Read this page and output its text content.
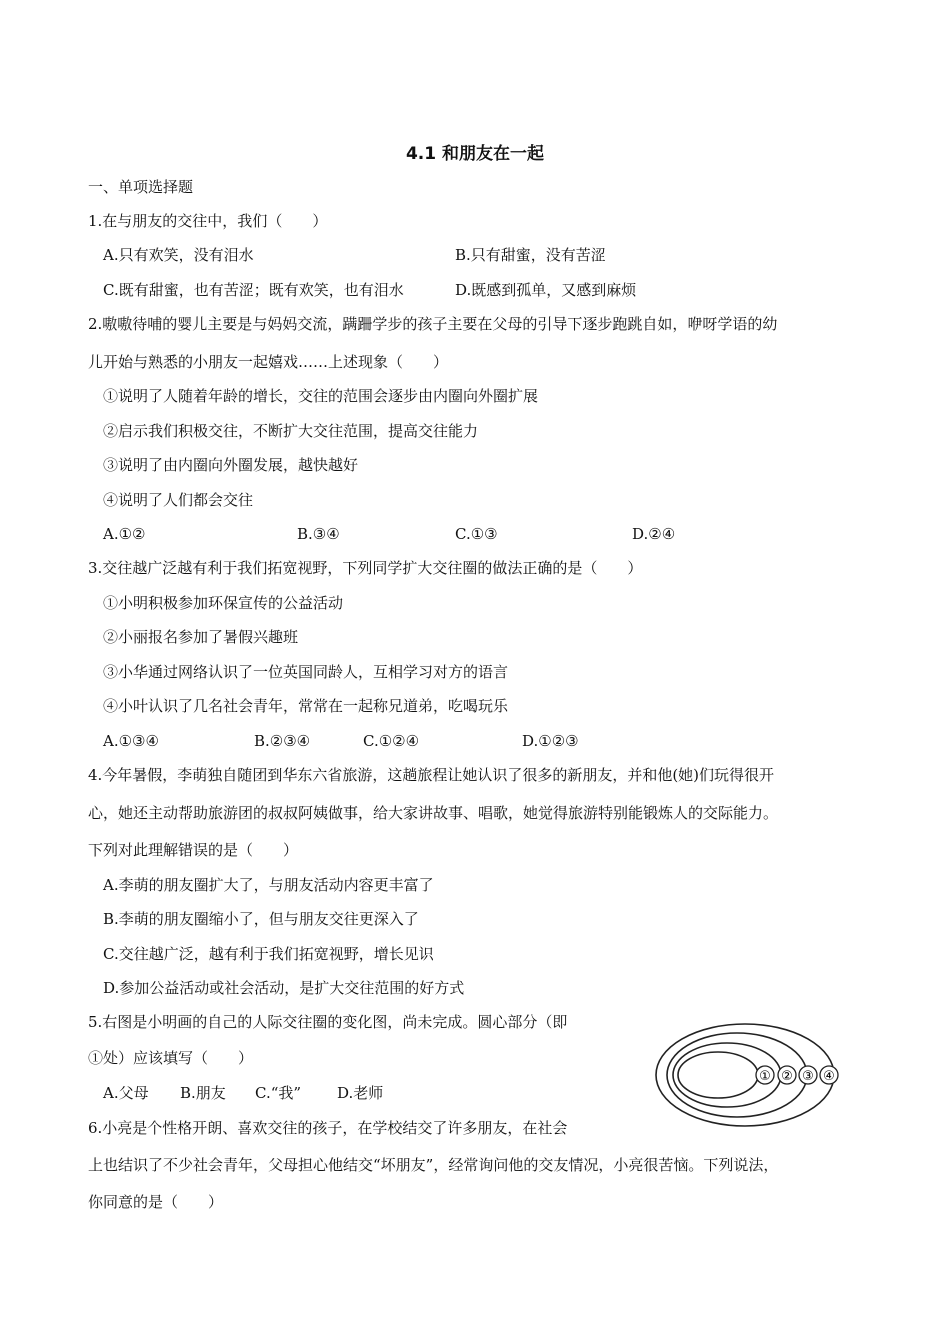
4.1 和朋友在一起
一、单项选择题
1.在与朋友的交往中，我们（　　）
A.只有欢笑，没有泪水	B.只有甜蜜，没有苦涩
C.既有甜蜜，也有苦涩；既有欢笑，也有泪水	D.既感到孤单，又感到麻烦
2.嗷嗷待哺的婴儿主要是与妈妈交流，蹒跚学步的孩子主要在父母的引导下逐步跑跳自如，咿呀学语的幼
儿开始与熟悉的小朋友一起嬉戏……上述现象（　　）
①说明了人随着年龄的增长，交往的范围会逐步由内圈向外圈扩展
②启示我们积极交往，不断扩大交往范围，提高交往能力
③说明了由内圈向外圈发展，越快越好
④说明了人们都会交往
A.①②	B.③④	C.①③	D.②④
3.交往越广泛越有利于我们拓宽视野，下列同学扩大交往圈的做法正确的是（　　）
①小明积极参加环保宣传的公益活动
②小丽报名参加了暑假兴趣班
③小华通过网络认识了一位英国同龄人，互相学习对方的语言
④小叶认识了几名社会青年，常常在一起称兄道弟，吃喝玩乐
A.①③④	B.②③④	C.①②④	D.①②③
4.今年暑假，李萌独自随团到华东六省旅游，这趟旅程让她认识了很多的新朋友，并和他(她)们玩得很开
心，她还主动帮助旅游团的叔叔阿姨做事，给大家讲故事、唱歌，她觉得旅游特别能锻炼人的交际能力。
下列对此理解错误的是（　　）
A.李萌的朋友圈扩大了，与朋友活动内容更丰富了
B.李萌的朋友圈缩小了，但与朋友交往更深入了
C.交往越广泛，越有利于我们拓宽视野，增长见识
D.参加公益活动或社会活动，是扩大交往范围的好方式
5.右图是小明画的自己的人际交往圈的变化图，尚未完成。圆心部分（即
①处）应该填写（　　）
A.父母 B.朋友 C.“我” D.老师
① ② ③ ④
6.小亮是个性格开朗、喜欢交往的孩子，在学校结交了许多朋友，在社会
上也结识了不少社会青年，父母担心他结交“坏朋友”，经常询问他的交友情况，小亮很苦恼。下列说法，
你同意的是（　　）
